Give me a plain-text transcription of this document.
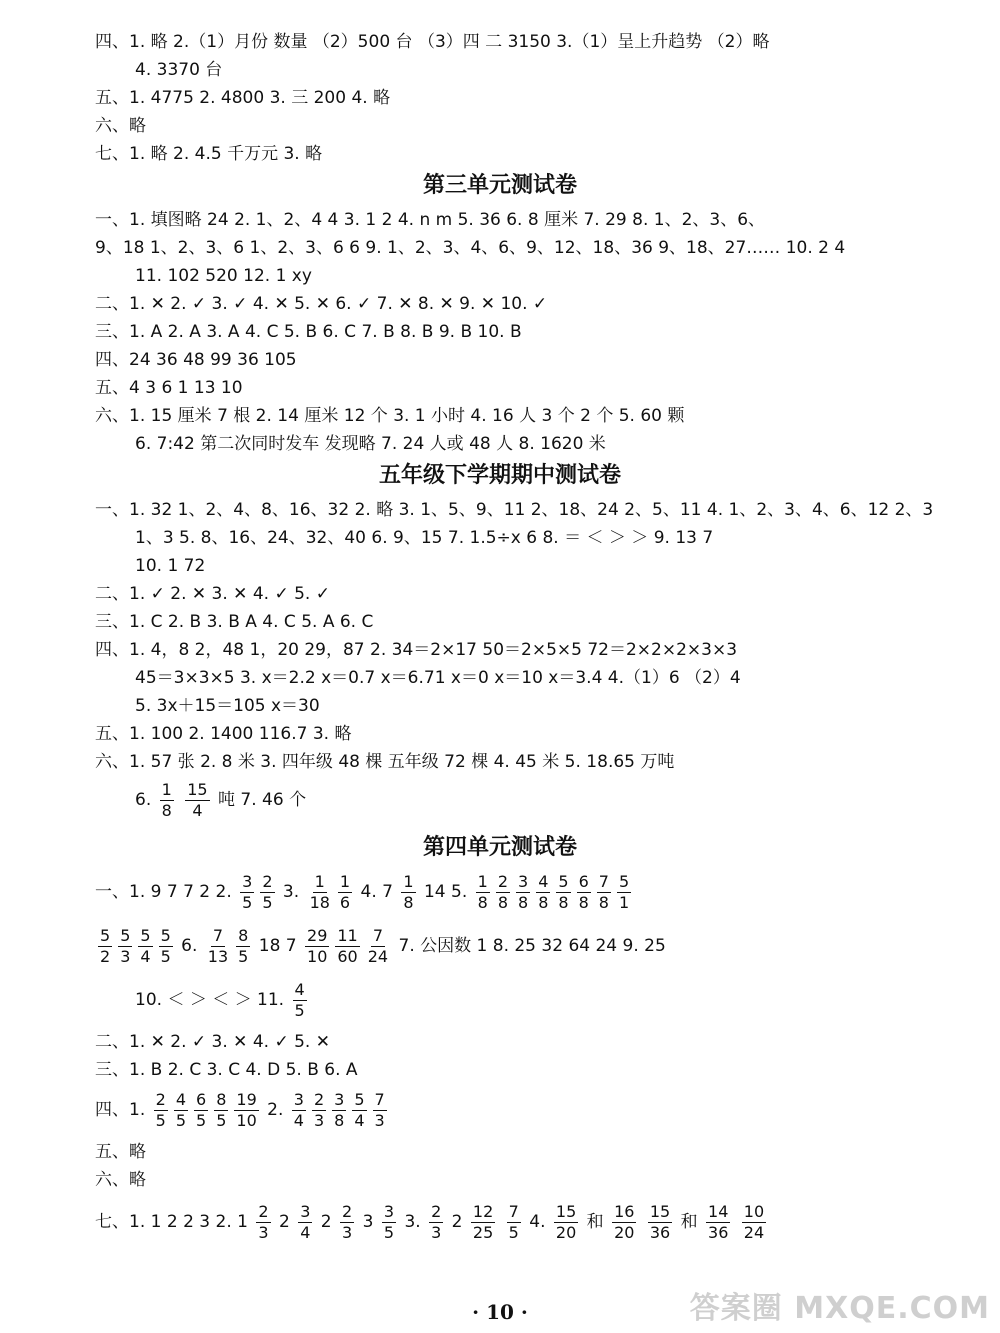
四、1. 略 2.（1）月份 数量 （2）500 台 （3）四 二 3150 3.（1）呈上升趋势 （2）略
4. 3370 台
五、1. 4775 2. 4800 3. 三 200 4. 略
六、略
七、1. 略 2. 4.5 千万元 3. 略
第三单元测试卷
一、1. 填图略 24 2. 1、2、4 4 3. 1 2 4. n m 5. 36 6. 8 厘米 7. 29 8. 1、2、3、6、
9、18 1、2、3、6 1、2、3、6 6 9. 1、2、3、4、6、9、12、18、36 9、18、27…… 10. 2 4
11. 102 520 12. 1 xy
二、1. ✕ 2. ✓ 3. ✓ 4. ✕ 5. ✕ 6. ✓ 7. ✕ 8. ✕ 9. ✕ 10. ✓
三、1. A 2. A 3. A 4. C 5. B 6. C 7. B 8. B 9. B 10. B
四、24 36 48 99 36 105
五、4 3 6 1 13 10
六、1. 15 厘米 7 根 2. 14 厘米 12 个 3. 1 小时 4. 16 人 3 个 2 个 5. 60 颗
6. 7:42 第二次同时发车 发现略 7. 24 人或 48 人 8. 1620 米
五年级下学期期中测试卷
一、1. 32 1、2、4、8、16、32 2. 略 3. 1、5、9、11 2、18、24 2、5、11 4. 1、2、3、4、6、12 2、3
1、3 5. 8、16、24、32、40 6. 9、15 7. 1.5÷x 6 8. ＝ ＜ ＞ ＞ 9. 13 7
10. 1 72
二、1. ✓ 2. ✕ 3. ✕ 4. ✓ 5. ✓
三、1. C 2. B 3. B A 4. C 5. A 6. C
四、1. 4，8 2，48 1，20 29，87 2. 34＝2×17 50＝2×5×5 72＝2×2×2×3×3
45＝3×3×5 3. x＝2.2 x＝0.7 x＝6.71 x＝0 x＝10 x＝3.4 4.（1）6 （2）4
5. 3x＋15＝105 x＝30
五、1. 100 2. 1400 116.7 3. 略
六、1. 57 张 2. 8 米 3. 四年级 48 棵 五年级 72 棵 4. 45 米 5. 18.65 万吨
6. $\frac{1}{8}$
$\frac{15}{4}$ 吨 7. 46 个
第四单元测试卷
一、1. 9 7 7 2 2. $\frac{3}{5} \frac{2}{5} 3$. $\frac{1}{18} \frac{1}{6} 4$. $7 \frac{1}{8} 14$ 5. $\frac{1}{8} \frac{2}{8} \frac{3}{8} \frac{4}{8} \frac{5}{8} \frac{6}{8} \frac{7}{8} \frac{5}{1}$
$\frac{5}{2} \frac{5}{3} \frac{5}{4} \frac{5}{5} 6$. $\frac{7}{13} \frac{8}{5} 18$ $7 \frac{29}{10} \frac{11}{60} \frac{7}{24} 7$. 公因数 1 8. 25 32 64 24 9. 25
10. ＜ ＞ ＜ ＞ 11. $\frac{4}{5}$
二、1. ✕ 2. ✓ 3. ✕ 4. ✓ 5. ✕
三、1. B 2. C 3. C 4. D 5. B 6. A
四、1. $\frac{2}{5} \frac{4}{5} \frac{6}{5} \frac{8}{5} \frac{19}{10} 2$. $\frac{3}{4} \frac{2}{3} \frac{3}{8} \frac{5}{4} \frac{7}{3}$
五、略
六、略
七、1. 1 2 2 3 2. $1 \frac{2}{3} 2 \frac{3}{4} 2 \frac{2}{3} 3 \frac{3}{5} 3$. $\frac{2}{3} 2 \frac{12}{25}$
$\frac{7}{5} 4$. $\frac{15}{20}$ 和 $\frac{16}{20}$
$\frac{15}{36}$ 和 $\frac{14}{36}$
$\frac{10}{24}$
· 10 ·	答案圈 MXQE.COM
